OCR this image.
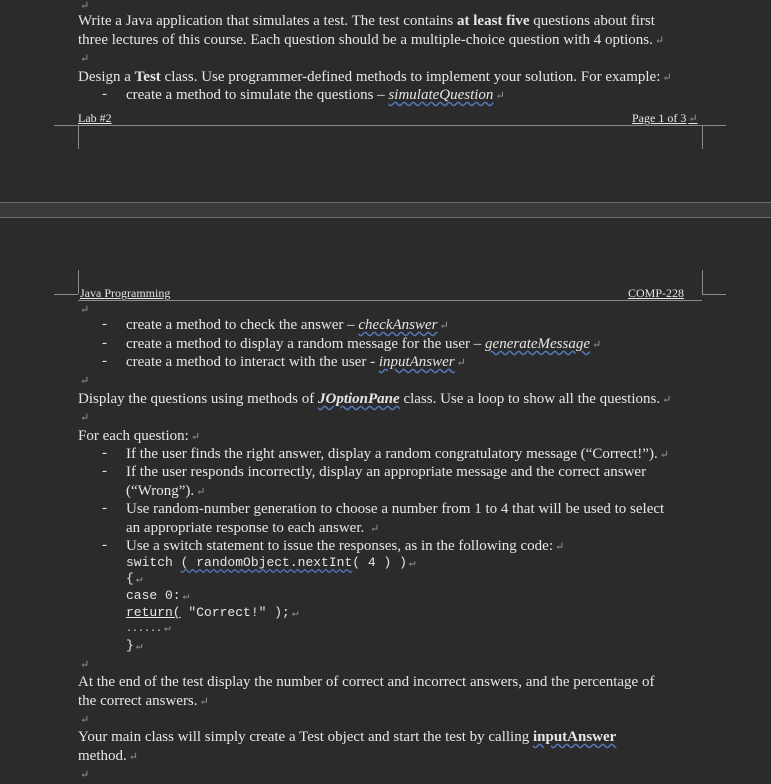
↵
Write a Java application that simulates a test. The test contains at least five questions about first
three lectures of this course. Each question should be a multiple-choice question with 4 options. ↵
↵
Design a Test class. Use programmer-defined methods to implement your solution. For example: ↵
- create a method to simulate the questions – simulateQuestion ↵
Lab #2	Page 1 of 3 ↵
Java Programming	COMP-228
↵
- create a method to check the answer – checkAnswer ↵
- create a method to display a random message for the user – generateMessage ↵
- create a method to interact with the user - inputAnswer ↵
↵
Display the questions using methods of JOptionPane class. Use a loop to show all the questions. ↵
↵
For each question: ↵
- If the user finds the right answer, display a random congratulatory message (“Correct!”). ↵
- If the user responds incorrectly, display an appropriate message and the correct answer
(“Wrong”). ↵
- Use random-number generation to choose a number from 1 to 4 that will be used to select
an appropriate response to each answer. ↵
- Use a switch statement to issue the responses, as in the following code: ↵
switch ( randomObject.nextInt( 4 ) ) ↵
{ ↵
case 0: ↵
return( "Correct!" ); ↵
...... ↵
} ↵
↵
At the end of the test display the number of correct and incorrect answers, and the percentage of
the correct answers. ↵
↵
Your main class will simply create a Test object and start the test by calling inputAnswer
method. ↵
↵
